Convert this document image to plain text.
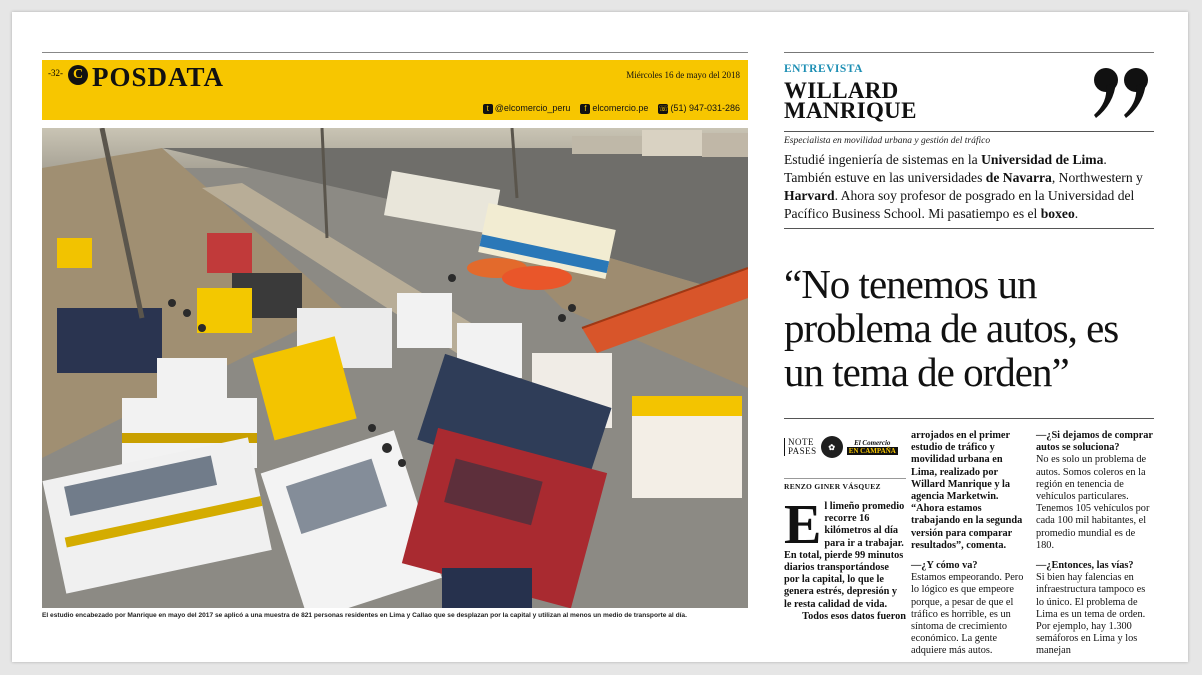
-32- C POSDATA	Miércoles 16 de mayo del 2018
t @elcomercio_peru	f elcomercio.pe ☏ (51) 947-031-286
El estudio encabezado por Manrique en mayo del 2017 se aplicó a una muestra de 821 personas residentes en Lima y Callao que se desplazan por la capital y utilizan al menos un medio de transporte al día.
ENTREVISTA
WILLARD
MANRIQUE
Especialista en movilidad urbana y gestión del tráfico
Estudié ingeniería de sistemas en la Universidad de Lima. También estuve en las universidades de Navarra, Northwestern y Harvard. Ahora soy profesor de posgrado en la Universidad del Pacífico Business School. Mi pasatiempo es el boxeo.
“No tenemos un problema de autos, es un tema de orden”
NOTE
PASES	✿	El Comercio
EN CAMPAÑA
RENZO GINER VÁSQUEZ
El limeño promedio recorre 16 kilómetros al día para ir a trabajar. En total, pierde 99 minutos diarios transportándose por la capital, lo que le genera estrés, depresión y le resta calidad de vida.
Todos esos datos fueron
arrojados en el primer estudio de tráfico y movilidad urbana en Lima, realizado por Willard Manrique y la agencia Marketwin. “Ahora estamos trabajando en la segunda versión para comparar resultados”, comenta.
—¿Y cómo va?
Estamos empeorando. Pero lo lógico es que empeore porque, a pesar de que el tráfico es horrible, es un síntoma de crecimiento económico. La gente adquiere más autos.
—¿Si dejamos de comprar autos se soluciona?
No es solo un problema de autos. Somos coleros en la región en tenencia de vehículos particulares. Tenemos 105 vehículos por cada 100 mil habitantes, el promedio mundial es de 180.
—¿Entonces, las vías?
Si bien hay falencias en infraestructura tampoco es lo único. El problema de Lima es un tema de orden. Por ejemplo, hay 1.300 semáforos en Lima y los manejan
